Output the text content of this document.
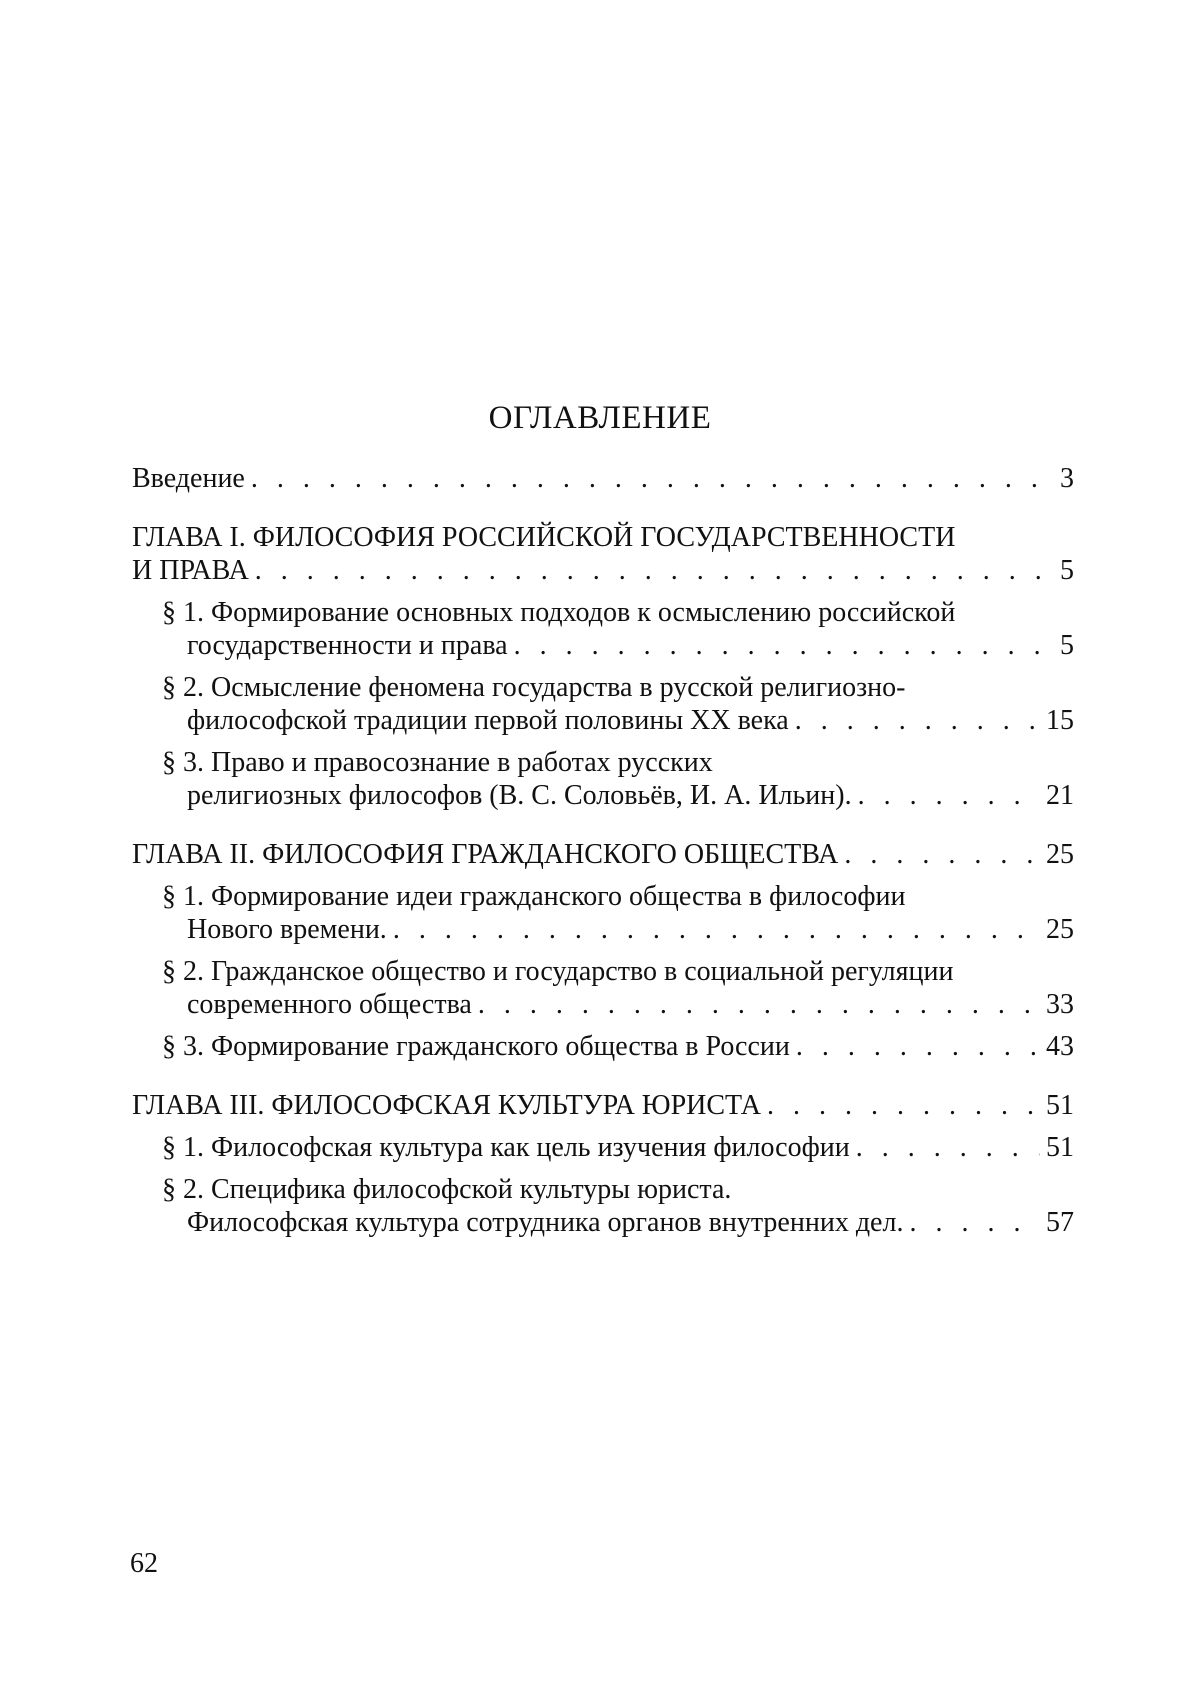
ОГЛАВЛЕНИЕ
Введение . . .	3
ГЛАВА I. ФИЛОСОФИЯ РОССИЙСКОЙ ГОСУДАРСТВЕННОСТИ
И ПРАВА . . .	5
§ 1. Формирование основных подходов к осмыслению российской
государственности и права . . .	5
§ 2. Осмысление феномена государства в русской религиозно-
философской традиции первой половины XX века . . .	15
§ 3. Право и правосознание в работах русских
религиозных философов (В. С. Соловьёв, И. А. Ильин). . . .	21
ГЛАВА II. ФИЛОСОФИЯ ГРАЖДАНСКОГО ОБЩЕСТВА . . .	25
§ 1. Формирование идеи гражданского общества в философии
Нового времени. . . .	25
§ 2. Гражданское общество и государство в социальной регуляции
современного общества . . .	33
§ 3. Формирование гражданского общества в России . . .	43
ГЛАВА III. ФИЛОСОФСКАЯ КУЛЬТУРА ЮРИСТА . . .	51
§ 1. Философская культура как цель изучения философии . . .	51
§ 2. Специфика философской культуры юриста.
Философская культура сотрудника органов внутренних дел. . . .	57
62
